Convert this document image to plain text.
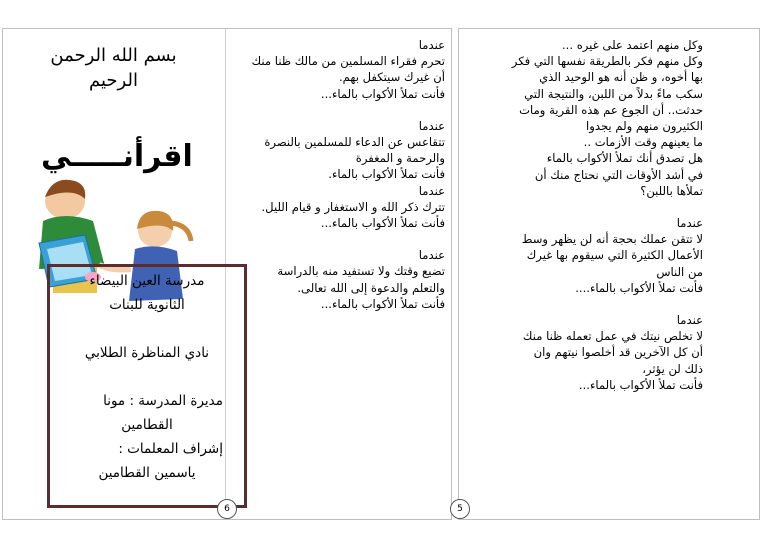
بسم الله الرحمن
الرحيم
اقرأنـــــي

مدرسة العين البيضاء

الثانوية للبنات

نادي المناظرة الطلابي

مديرة المدرسة : مونا

القطامين

إشراف المعلمات :

ياسمين القطامين

عندما

تحرم فقراء المسلمين من مالك ظنا منك

أن غيرك سيتكفل بهم.

فأنت تملأ الأكواب بالماء...

عندما

تتقاعس عن الدعاء للمسلمين بالنصرة

والرحمة و المغفرة

فأنت تملأ الأكواب بالماء.

عندما

تترك ذكر الله و الاستغفار و قيام الليل.

فأنت تملأ الأكواب بالماء...

عندما

تضيع وقتك ولا تستفيد منه بالدراسة

والتعلم والدعوة إلى الله تعالى.

فأنت تملأ الأكواب بالماء...

6

وكل منهم اعتمد على غيره ...

وكل منهم فكر بالطريقة نفسها التي فكر

بها أخوه، و ظن أنه هو الوحيد الذي

سكب ماءً بدلاً من اللبن، والنتيجة التي

حدثت.. أن الجوع عم هذه القرية ومات

الكثيرون منهم ولم يجدوا

ما يعينهم وقت الأزمات ..

هل تصدق أنك تملأ الأكواب بالماء

في أشد الأوقات التي نحتاج منك أن

تملأها باللبن؟

عندما

لا تتقن عملك بحجة أنه لن يظهر وسط

الأعمال الكثيرة التي سيقوم بها غيرك

من الناس

فأنت تملأ الأكواب بالماء....

عندما

لا تخلص نيتك في عمل تعمله ظنا منك

أن كل الآخرين قد أخلصوا نيتهم وان

ذلك لن يؤثر،

فأنت تملأ الأكواب بالماء...

5
